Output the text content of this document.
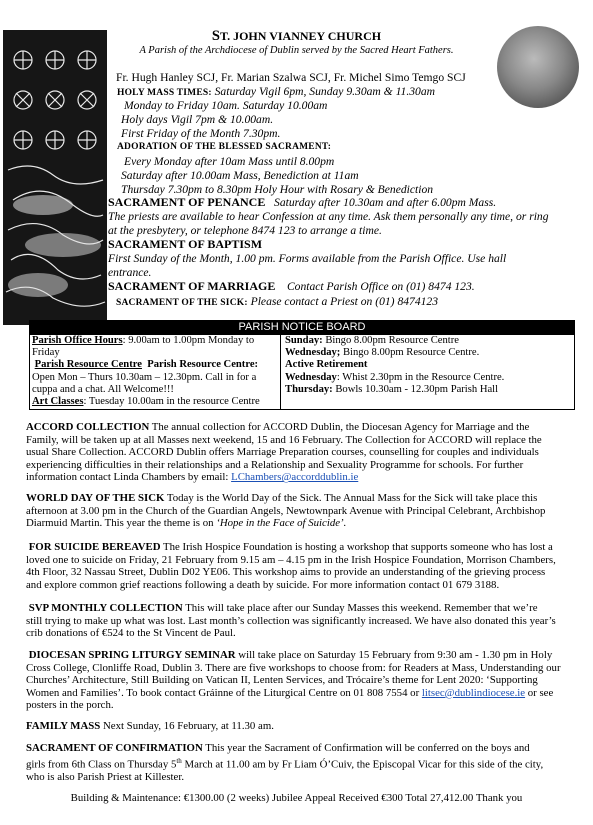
ST. JOHN VIANNEY CHURCH
A Parish of the Archdiocese of Dublin served by the Sacred Heart Fathers.
Fr. Hugh Hanley SCJ, Fr. Marian Szalwa SCJ, Fr. Michel Simo Temgo SCJ
HOLY MASS TIMES: Saturday Vigil 6pm, Sunday 9.30am & 11.30am
Monday to Friday 10am. Saturday 10.00am
Holy days Vigil 7pm & 10.00am.
First Friday of the Month 7.30pm.
ADORATION OF THE BLESSED SACRAMENT:
Every Monday after 10am Mass until 8.00pm
Saturday after 10.00am Mass, Benediction at 11am
Thursday 7.30pm to 8.30pm Holy Hour with Rosary & Benediction
SACRAMENT OF PENANCE Saturday after 10.30am and after 6.00pm Mass.
The priests are available to hear Confession at any time. Ask them personally any time, or ring
at the presbytery, or telephone 8474 123 to arrange a time.
SACRAMENT OF BAPTISM
First Sunday of the Month, 1.00 pm. Forms available from the Parish Office. Use hall
entrance.
SACRAMENT OF MARRIAGE Contact Parish Office on (01) 8474 123.
SACRAMENT OF THE SICK: Please contact a Priest on (01) 8474123
PARISH NOTICE BOARD
Parish Office Hours: 9.00am to 1.00pm Monday to
Friday
Parish Resource Centre Parish Resource Centre:
Open Mon – Thurs 10.30am – 12.30pm. Call in for a
cuppa and a chat. All Welcome!!!
Art Classes: Tuesday 10.00am in the resource Centre
Sunday: Bingo 8.00pm Resource Centre
Wednesday; Bingo 8.00pm Resource Centre.
Active Retirement
Wednesday: Whist 2.30pm in the Resource Centre.
Thursday: Bowls 10.30am - 12.30pm Parish Hall
ACCORD COLLECTION The annual collection for ACCORD Dublin, the Diocesan Agency for Marriage and the
Family, will be taken up at all Masses next weekend, 15 and 16 February. The Collection for ACCORD will replace the
usual Share Collection. ACCORD Dublin offers Marriage Preparation courses, counselling for couples and individuals
experiencing difficulties in their relationships and a Relationship and Sexuality Programme for schools. For further
information contact Linda Chambers by email: LChambers@accorddublin.ie
WORLD DAY OF THE SICK Today is the World Day of the Sick. The Annual Mass for the Sick will take place this
afternoon at 3.00 pm in the Church of the Guardian Angels, Newtownpark Avenue with Principal Celebrant, Archbishop
Diarmuid Martin. This year the theme is on ‘Hope in the Face of Suicide’.
FOR SUICIDE BEREAVED The Irish Hospice Foundation is hosting a workshop that supports someone who has lost a
loved one to suicide on Friday, 21 February from 9.15 am – 4.15 pm in the Irish Hospice Foundation, Morrison Chambers,
4th Floor, 32 Nassau Street, Dublin D02 YE06. This workshop aims to provide an understanding of the grieving process
and explore common grief reactions following a death by suicide. For more information contact 01 679 3188.
SVP MONTHLY COLLECTION This will take place after our Sunday Masses this weekend. Remember that we’re
still trying to make up what was lost. Last month’s collection was significantly increased. We have also donated this year’s
crib donations of €524 to the St Vincent de Paul.
DIOCESAN SPRING LITURGY SEMINAR will take place on Saturday 15 February from 9:30 am - 1.30 pm in Holy
Cross College, Clonliffe Road, Dublin 3. There are five workshops to choose from: for Readers at Mass, Understanding our
Churches’ Architecture, Still Building on Vatican II, Lenten Services, and Trócaire’s theme for Lent 2020: ‘Supporting
Women and Families’. To book contact Gráinne of the Liturgical Centre on 01 808 7554 or litsec@dublindiocese.ie or see
posters in the porch.
FAMILY MASS Next Sunday, 16 February, at 11.30 am.
SACRAMENT OF CONFIRMATION This year the Sacrament of Confirmation will be conferred on the boys and
girls from 6th Class on Thursday 5th March at 11.00 am by Fr Liam Ó’Cuiv, the Episcopal Vicar for this side of the city,
who is also Parish Priest at Killester.
Building & Maintenance: €1300.00 (2 weeks) Jubilee Appeal Received €300 Total 27,412.00 Thank you
